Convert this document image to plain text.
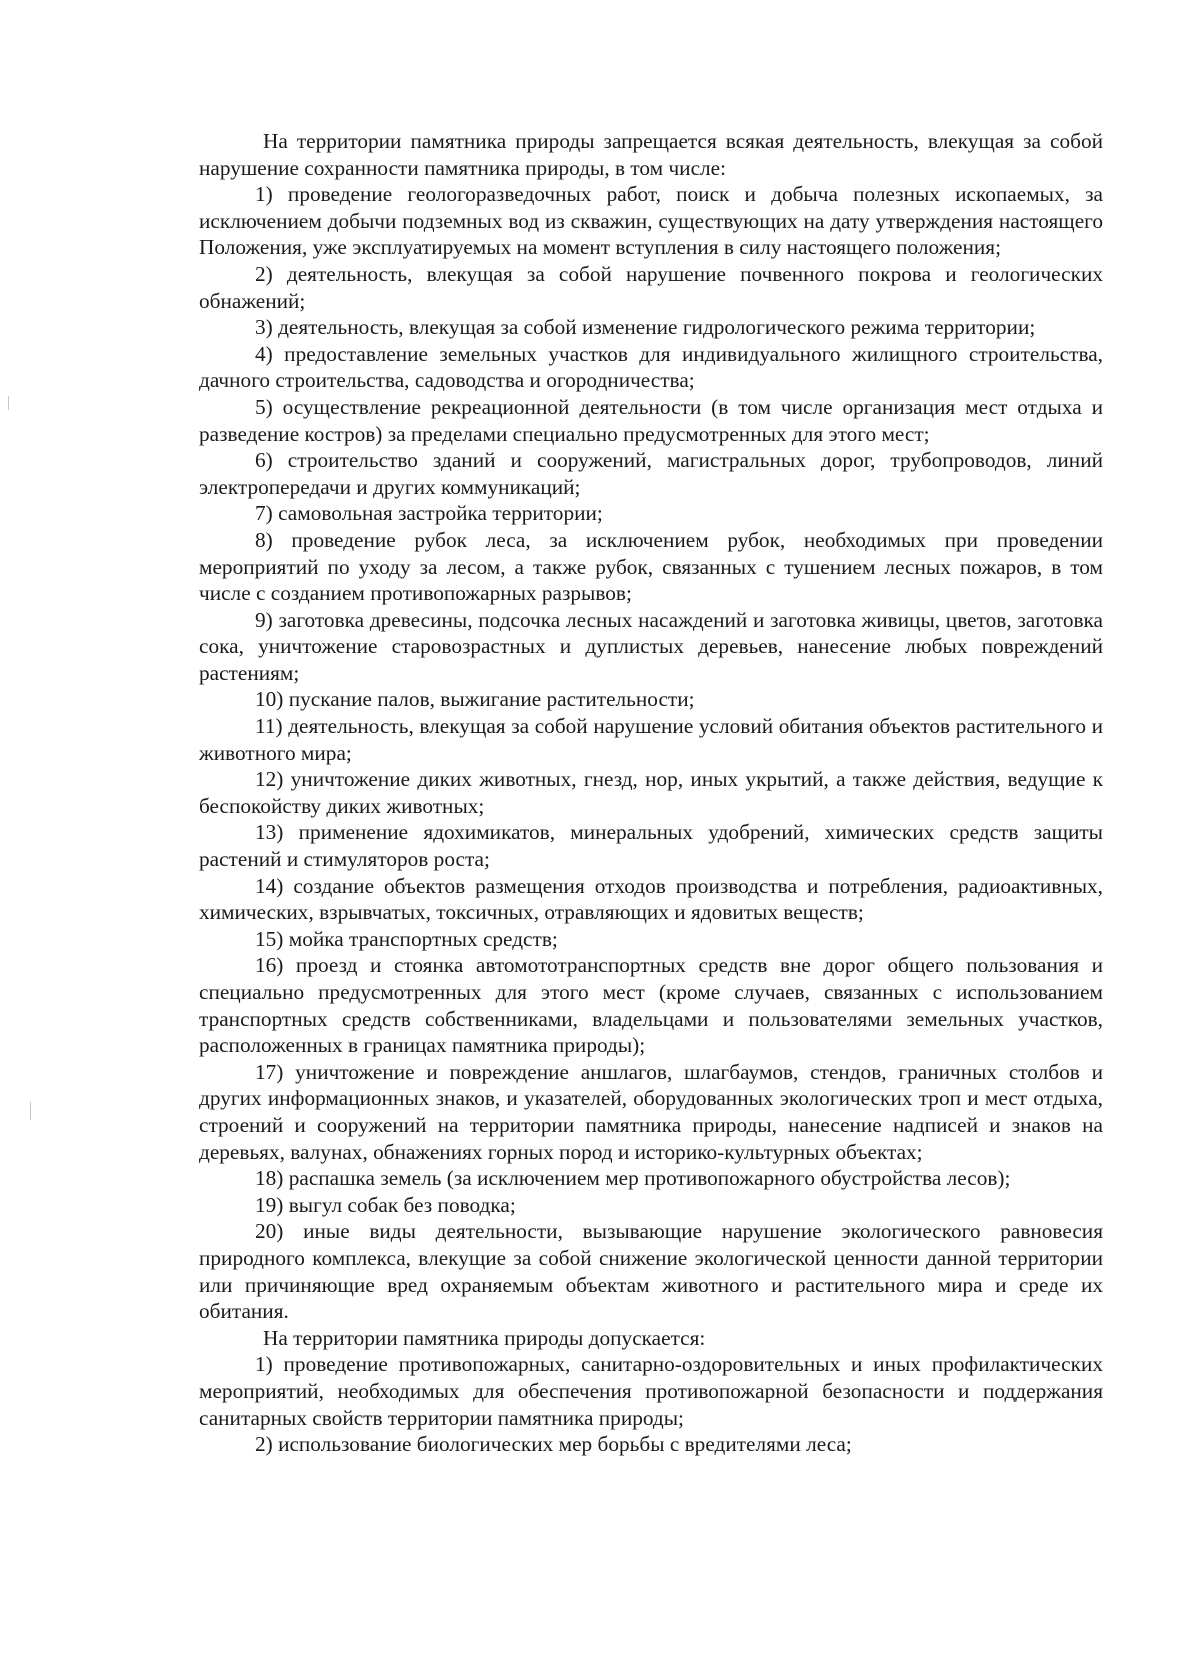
На территории памятника природы запрещается всякая деятельность, влекущая за собой нарушение сохранности памятника природы, в том числе:

1) проведение геологоразведочных работ, поиск и добыча полезных ископаемых, за исключением добычи подземных вод из скважин, существующих на дату утверждения настоящего Положения, уже эксплуатируемых на момент вступления в силу настоящего положения;

2) деятельность, влекущая за собой нарушение почвенного покрова и геологических обнажений;

3) деятельность, влекущая за собой изменение гидрологического режима территории;

4) предоставление земельных участков для индивидуального жилищного строительства, дачного строительства, садоводства и огородничества;

5) осуществление рекреационной деятельности (в том числе организация мест отдыха и разведение костров) за пределами специально предусмотренных для этого мест;

6) строительство зданий и сооружений, магистральных дорог, трубопроводов, линий электропередачи и других коммуникаций;

7) самовольная застройка территории;

8) проведение рубок леса, за исключением рубок, необходимых при проведении мероприятий по уходу за лесом, а также рубок, связанных с тушением лесных пожаров, в том числе с созданием противопожарных разрывов;

9) заготовка древесины, подсочка лесных насаждений и заготовка живицы, цветов, заготовка сока, уничтожение старовозрастных и дуплистых деревьев, нанесение любых повреждений растениям;

10) пускание палов, выжигание растительности;

11) деятельность, влекущая за собой нарушение условий обитания объектов растительного и животного мира;

12) уничтожение диких животных, гнезд, нор, иных укрытий, а также действия, ведущие к беспокойству диких животных;

13) применение ядохимикатов, минеральных удобрений, химических средств защиты растений и стимуляторов роста;

14) создание объектов размещения отходов производства и потребления, радиоактивных, химических, взрывчатых, токсичных, отравляющих и ядовитых веществ;

15) мойка транспортных средств;

16) проезд и стоянка автомототранспортных средств вне дорог общего пользования и специально предусмотренных для этого мест (кроме случаев, связанных с использованием транспортных средств собственниками, владельцами и пользователями земельных участков, расположенных в границах памятника природы);

17) уничтожение и повреждение аншлагов, шлагбаумов, стендов, граничных столбов и других информационных знаков, и указателей, оборудованных экологических троп и мест отдыха, строений и сооружений на территории памятника природы, нанесение надписей и знаков на деревьях, валунах, обнажениях горных пород и историко-культурных объектах;

18) распашка земель (за исключением мер противопожарного обустройства лесов);

19) выгул собак без поводка;

20) иные виды деятельности, вызывающие нарушение экологического равновесия природного комплекса, влекущие за собой снижение экологической ценности данной территории или причиняющие вред охраняемым объектам животного и растительного мира и среде их обитания.

На территории памятника природы допускается:

1) проведение противопожарных, санитарно-оздоровительных и иных профилактических мероприятий, необходимых для обеспечения противопожарной безопасности и поддержания санитарных свойств территории памятника природы;

2) использование биологических мер борьбы с вредителями леса;
